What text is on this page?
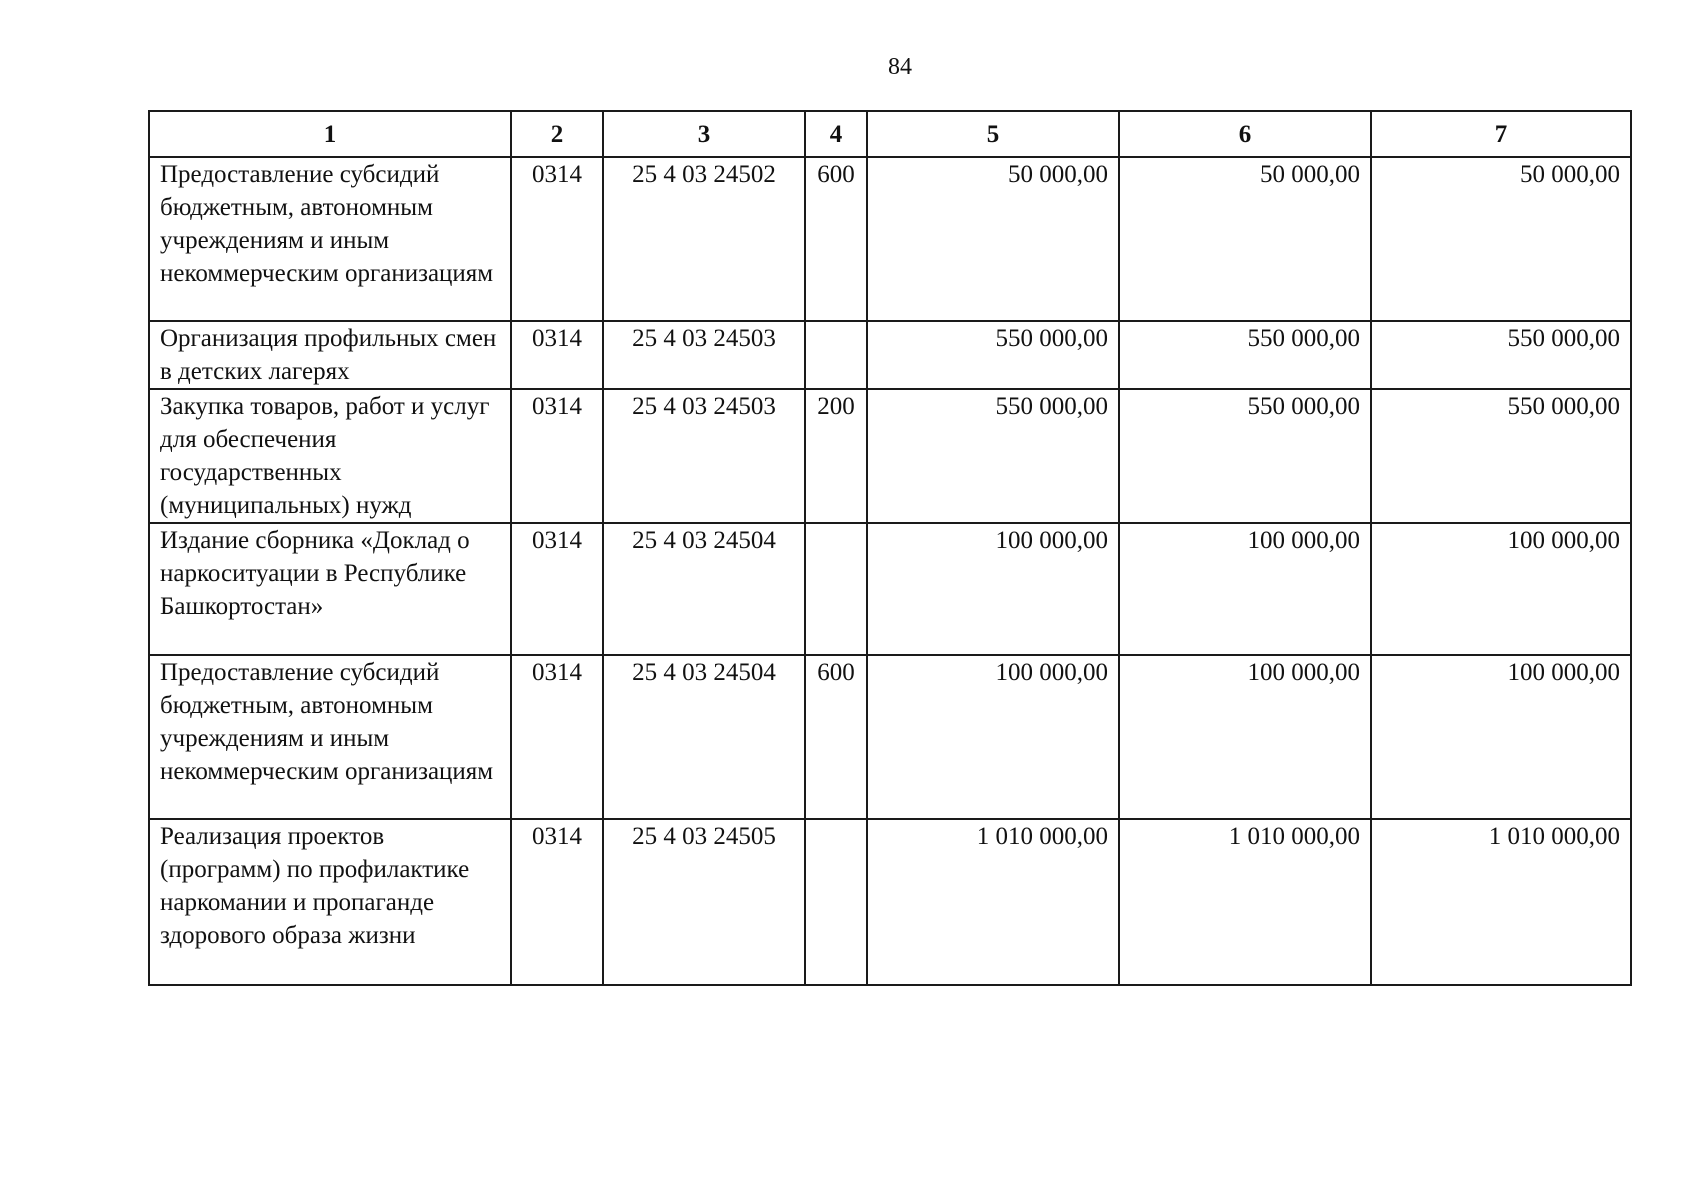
84
1	2	3	4	5	6	7
Предоставление субсидий бюджетным, автономным учреждениям и иным некоммерческим организациям	0314	25 4 03 24502	600	50 000,00	50 000,00	50 000,00
Организация профильных смен в детских лагерях	0314	25 4 03 24503		550 000,00	550 000,00	550 000,00
Закупка товаров, работ и услуг для обеспечения государственных (муниципальных) нужд	0314	25 4 03 24503	200	550 000,00	550 000,00	550 000,00
Издание сборника «Доклад о наркоситуации в Республике Башкортостан»	0314	25 4 03 24504		100 000,00	100 000,00	100 000,00
Предоставление субсидий бюджетным, автономным учреждениям и иным некоммерческим организациям	0314	25 4 03 24504	600	100 000,00	100 000,00	100 000,00
Реализация проектов (программ) по профилактике наркомании и пропаганде здорового образа жизни	0314	25 4 03 24505		1 010 000,00	1 010 000,00	1 010 000,00
